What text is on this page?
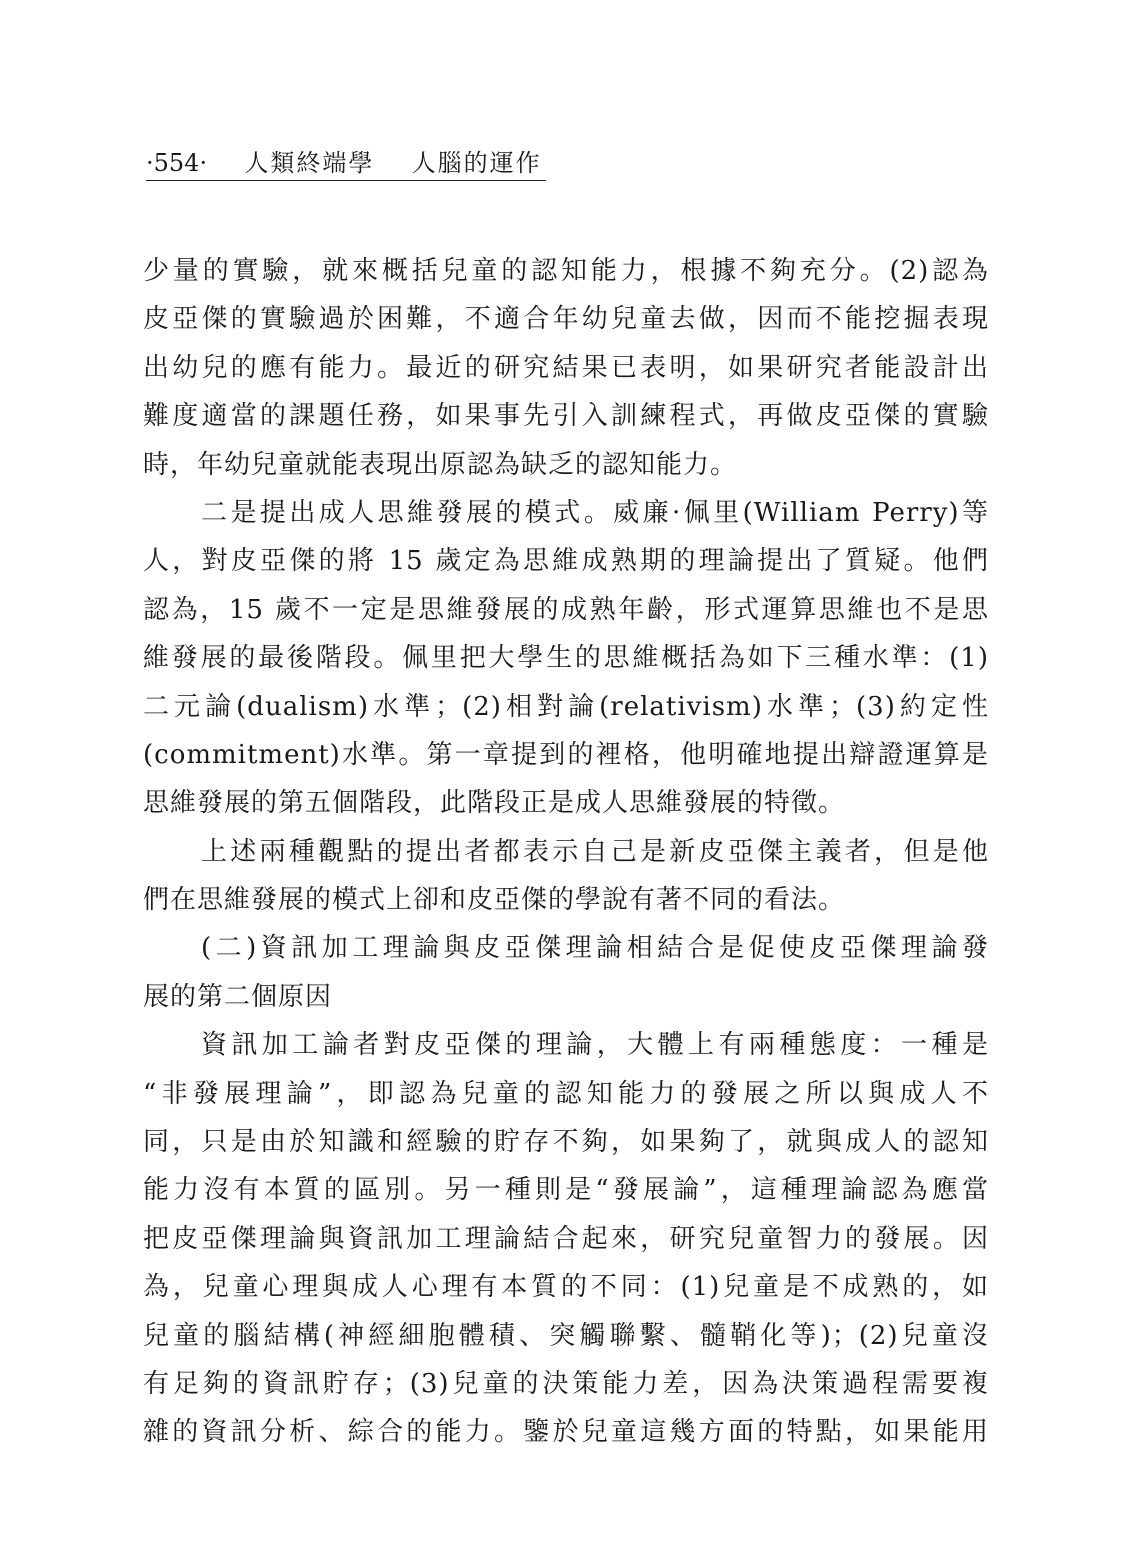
·554· 人類終端學 人腦的運作
少量的實驗，就來概括兒童的認知能力，根據不夠充分。(2)認為
皮亞傑的實驗過於困難，不適合年幼兒童去做，因而不能挖掘表現
出幼兒的應有能力。最近的研究結果已表明，如果研究者能設計出
難度適當的課題任務，如果事先引入訓練程式，再做皮亞傑的實驗
時，年幼兒童就能表現出原認為缺乏的認知能力。
二是提出成人思維發展的模式。威廉·佩里(William Perry)等
人，對皮亞傑的將 15 歲定為思維成熟期的理論提出了質疑。他們
認為，15 歲不一定是思維發展的成熟年齡，形式運算思維也不是思
維發展的最後階段。佩里把大學生的思維概括為如下三種水準：(1)
二元論(dualism)水準；(2)相對論(relativism)水準；(3)約定性
(commitment)水準。第一章提到的裡格，他明確地提出辯證運算是
思維發展的第五個階段，此階段正是成人思維發展的特徵。
上述兩種觀點的提出者都表示自己是新皮亞傑主義者，但是他
們在思維發展的模式上卻和皮亞傑的學說有著不同的看法。
(二)資訊加工理論與皮亞傑理論相結合是促使皮亞傑理論發
展的第二個原因
資訊加工論者對皮亞傑的理論，大體上有兩種態度：一種是
“非發展理論”，即認為兒童的認知能力的發展之所以與成人不
同，只是由於知識和經驗的貯存不夠，如果夠了，就與成人的認知
能力沒有本質的區別。另一種則是“發展論”，這種理論認為應當
把皮亞傑理論與資訊加工理論結合起來，研究兒童智力的發展。因
為，兒童心理與成人心理有本質的不同：(1)兒童是不成熟的，如
兒童的腦結構(神經細胞體積、突觸聯繫、髓鞘化等)；(2)兒童沒
有足夠的資訊貯存；(3)兒童的決策能力差，因為決策過程需要複
雜的資訊分析、綜合的能力。鑒於兒童這幾方面的特點，如果能用
